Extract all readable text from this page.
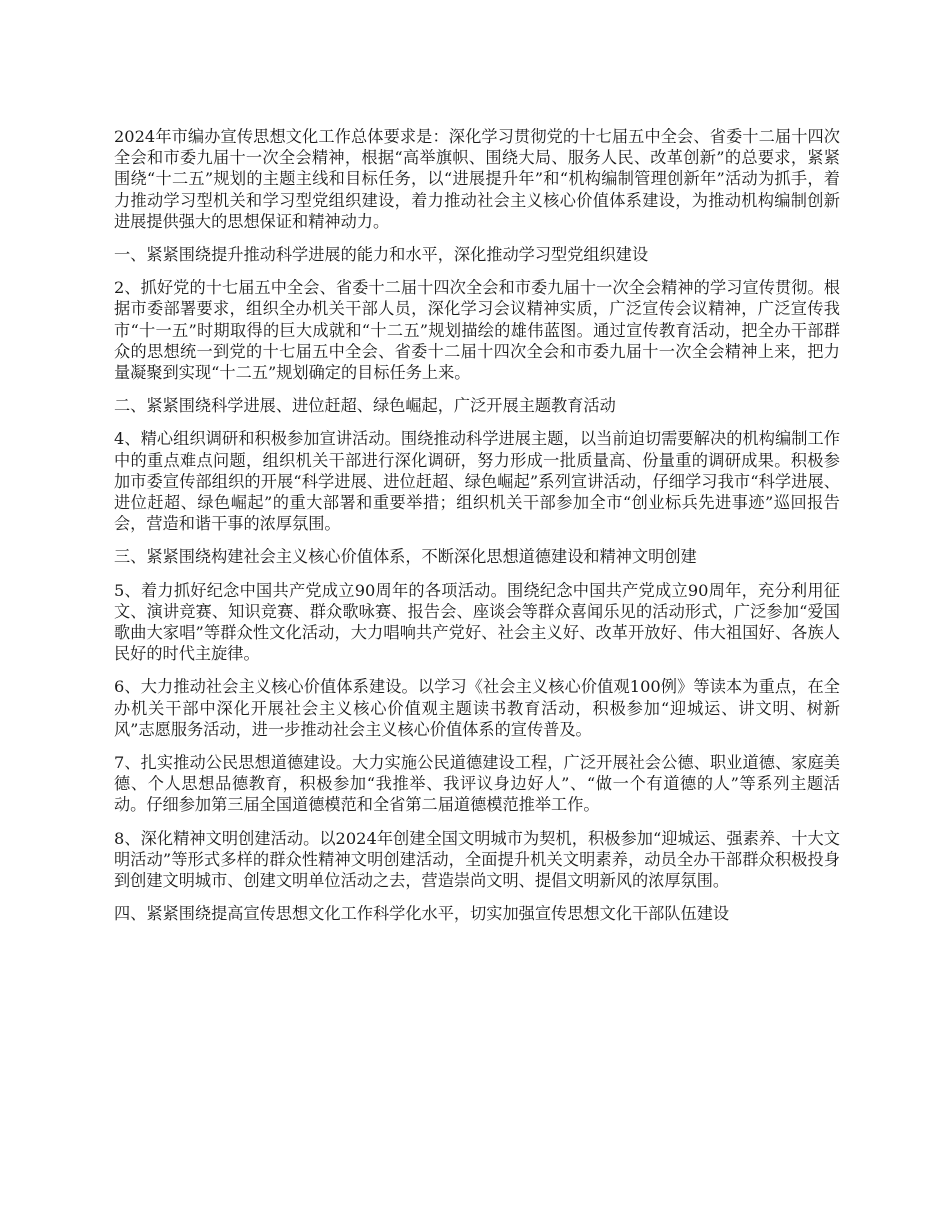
2024年市编办宣传思想文化工作总体要求是：深化学习贯彻党的十七届五中全会、省委十二届十四次全会和市委九届十一次全会精神，根据“高举旗帜、围绕大局、服务人民、改革创新”的总要求，紧紧围绕“十二五”规划的主题主线和目标任务，以“进展提升年”和“机构编制管理创新年”活动为抓手，着力推动学习型机关和学习型党组织建设，着力推动社会主义核心价值体系建设，为推动机构编制创新进展提供强大的思想保证和精神动力。

一、紧紧围绕提升推动科学进展的能力和水平，深化推动学习型党组织建设

2、抓好党的十七届五中全会、省委十二届十四次全会和市委九届十一次全会精神的学习宣传贯彻。根据市委部署要求，组织全办机关干部人员，深化学习会议精神实质，广泛宣传会议精神，广泛宣传我市“十一五”时期取得的巨大成就和“十二五”规划描绘的雄伟蓝图。通过宣传教育活动，把全办干部群众的思想统一到党的十七届五中全会、省委十二届十四次全会和市委九届十一次全会精神上来，把力量凝聚到实现“十二五”规划确定的目标任务上来。

二、紧紧围绕科学进展、进位赶超、绿色崛起，广泛开展主题教育活动

4、精心组织调研和积极参加宣讲活动。围绕推动科学进展主题，以当前迫切需要解决的机构编制工作中的重点难点问题，组织机关干部进行深化调研，努力形成一批质量高、份量重的调研成果。积极参加市委宣传部组织的开展“科学进展、进位赶超、绿色崛起”系列宣讲活动，仔细学习我市“科学进展、进位赶超、绿色崛起”的重大部署和重要举措；组织机关干部参加全市“创业标兵先进事迹”巡回报告会，营造和谐干事的浓厚氛围。

三、紧紧围绕构建社会主义核心价值体系，不断深化思想道德建设和精神文明创建

5、着力抓好纪念中国共产党成立90周年的各项活动。围绕纪念中国共产党成立90周年，充分利用征文、演讲竞赛、知识竞赛、群众歌咏赛、报告会、座谈会等群众喜闻乐见的活动形式，广泛参加“爱国歌曲大家唱”等群众性文化活动，大力唱响共产党好、社会主义好、改革开放好、伟大祖国好、各族人民好的时代主旋律。

6、大力推动社会主义核心价值体系建设。以学习《社会主义核心价值观100例》等读本为重点，在全办机关干部中深化开展社会主义核心价值观主题读书教育活动，积极参加“迎城运、讲文明、树新风”志愿服务活动，进一步推动社会主义核心价值体系的宣传普及。

7、扎实推动公民思想道德建设。大力实施公民道德建设工程，广泛开展社会公德、职业道德、家庭美德、个人思想品德教育，积极参加“我推举、我评议身边好人”、“做一个有道德的人”等系列主题活动。仔细参加第三届全国道德模范和全省第二届道德模范推举工作。

8、深化精神文明创建活动。以2024年创建全国文明城市为契机，积极参加“迎城运、强素养、十大文明活动”等形式多样的群众性精神文明创建活动，全面提升机关文明素养，动员全办干部群众积极投身到创建文明城市、创建文明单位活动之去，营造崇尚文明、提倡文明新风的浓厚氛围。

四、紧紧围绕提高宣传思想文化工作科学化水平，切实加强宣传思想文化干部队伍建设
